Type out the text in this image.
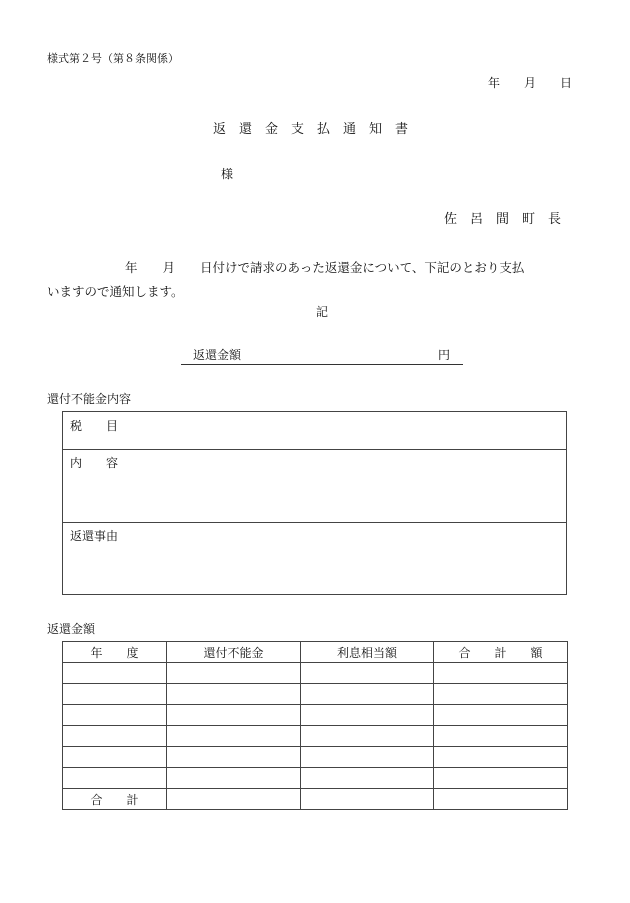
様式第２号（第８条関係）
年　　月　　日
返　還　金　支　払　通　知　書
様
佐　呂　間　町　長
年　　月　　日付けで請求のあった返還金について、下記のとおり支払
いますので通知します。
記
返還金額	円
還付不能金内容
税　　目
内　　容
返還事由
返還金額
年　　度	還付不能金	利息相当額	合　　計　　額

合　　計			
